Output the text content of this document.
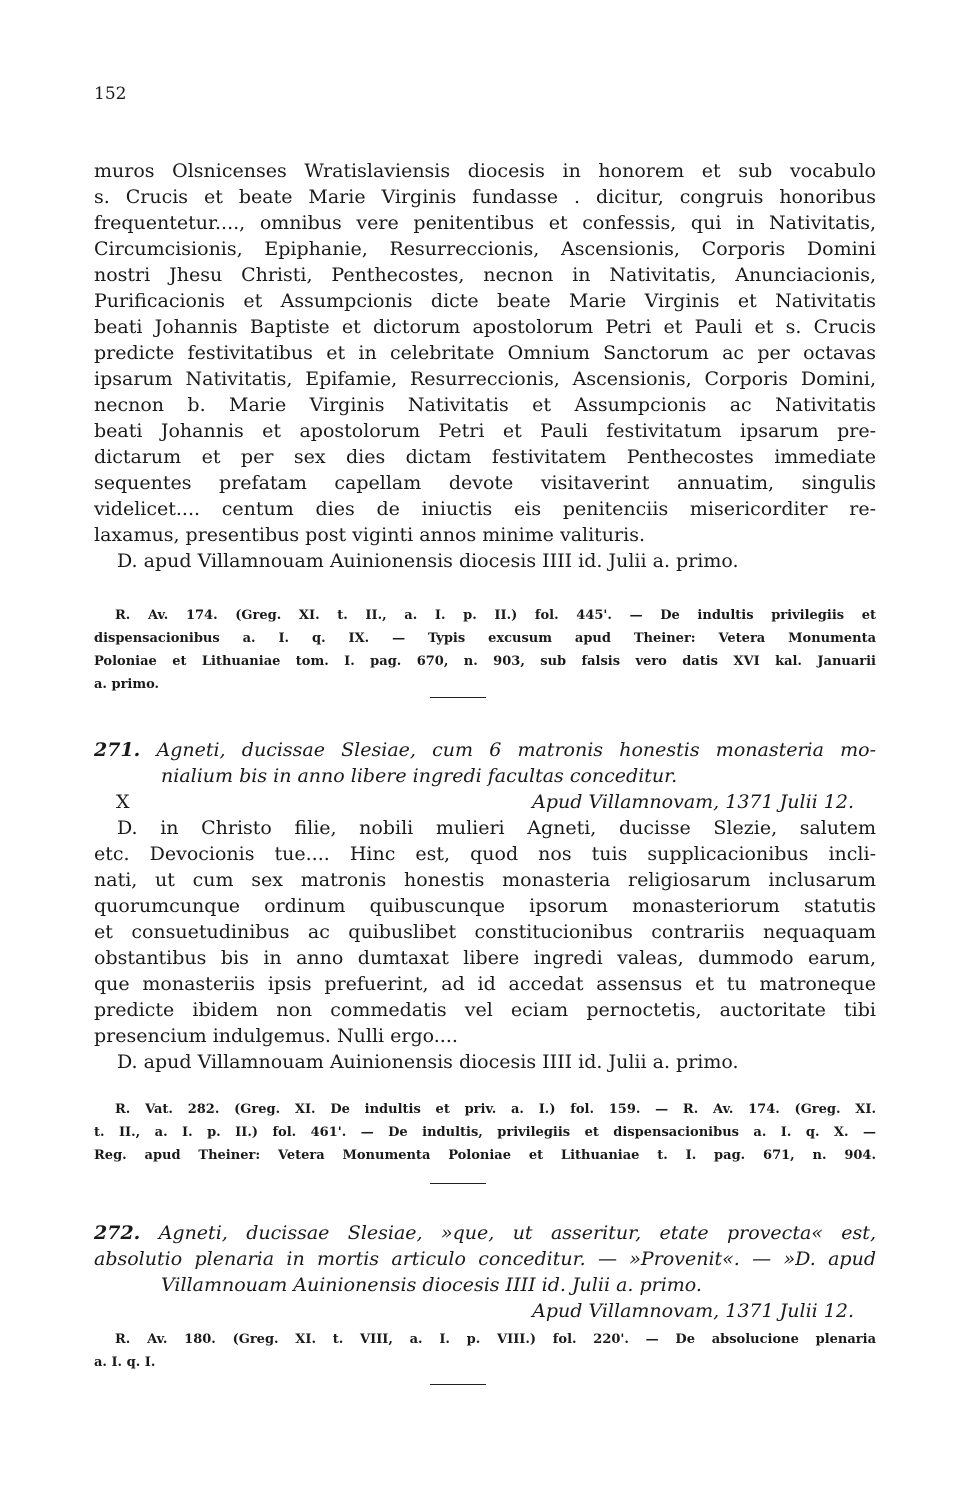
152
muros Olsnicenses Wratislaviensis diocesis in honorem et sub vocabulo
s. Crucis et beate Marie Virginis fundasse . dicitur, congruis honoribus
frequentetur...., omnibus vere penitentibus et confessis, qui in Nativitatis,
Circumcisionis, Epiphanie, Resurreccionis, Ascensionis, Corporis Domini
nostri Jhesu Christi, Penthecostes, necnon in Nativitatis, Anunciacionis,
Purificacionis et Assumpcionis dicte beate Marie Virginis et Nativitatis
beati Johannis Baptiste et dictorum apostolorum Petri et Pauli et s. Crucis
predicte festivitatibus et in celebritate Omnium Sanctorum ac per octavas
ipsarum Nativitatis, Epifamie, Resurreccionis, Ascensionis, Corporis Domini,
necnon b. Marie Virginis Nativitatis et Assumpcionis ac Nativitatis
beati Johannis et apostolorum Petri et Pauli festivitatum ipsarum pre-
dictarum et per sex dies dictam festivitatem Penthecostes immediate
sequentes prefatam capellam devote visitaverint annuatim, singulis
videlicet.... centum dies de iniuctis eis penitenciis misericorditer re-
laxamus, presentibus post viginti annos minime valituris.
D. apud Villamnouam Auinionensis diocesis IIII id. Julii a. primo.
R. Av. 174. (Greg. XI. t. II., a. I. p. II.) fol. 445'. — De indultis privilegiis et
dispensacionibus a. I. q. IX. — Typis excusum apud Theiner: Vetera Monumenta
Poloniae et Lithuaniae tom. I. pag. 670, n. 903, sub falsis vero datis XVI kal. Januarii
a. primo.
271. Agneti, ducissae Slesiae, cum 6 matronis honestis monasteria mo-
nialium bis in anno libere ingredi facultas conceditur.
X	Apud Villamnovam, 1371 Julii 12.
D. in Christo filie, nobili mulieri Agneti, ducisse Slezie, salutem
etc. Devocionis tue.... Hinc est, quod nos tuis supplicacionibus incli-
nati, ut cum sex matronis honestis monasteria religiosarum inclusarum
quorumcunque ordinum quibuscunque ipsorum monasteriorum statutis
et consuetudinibus ac quibuslibet constitucionibus contrariis nequaquam
obstantibus bis in anno dumtaxat libere ingredi valeas, dummodo earum,
que monasteriis ipsis prefuerint, ad id accedat assensus et tu matroneque
predicte ibidem non commedatis vel eciam pernoctetis, auctoritate tibi
presencium indulgemus. Nulli ergo....
D. apud Villamnouam Auinionensis diocesis IIII id. Julii a. primo.
R. Vat. 282. (Greg. XI. De indultis et priv. a. I.) fol. 159. — R. Av. 174. (Greg. XI.
t. II., a. I. p. II.) fol. 461'. — De indultis, privilegiis et dispensacionibus a. I. q. X. —
Reg. apud Theiner: Vetera Monumenta Poloniae et Lithuaniae t. I. pag. 671, n. 904.
272. Agneti, ducissae Slesiae, »que, ut asseritur, etate provecta« est,
absolutio plenaria in mortis articulo conceditur. — »Provenit«. — »D. apud
Villamnouam Auinionensis diocesis IIII id. Julii a. primo.
Apud Villamnovam, 1371 Julii 12.
R. Av. 180. (Greg. XI. t. VIII, a. I. p. VIII.) fol. 220'. — De absolucione plenaria
a. I. q. I.
